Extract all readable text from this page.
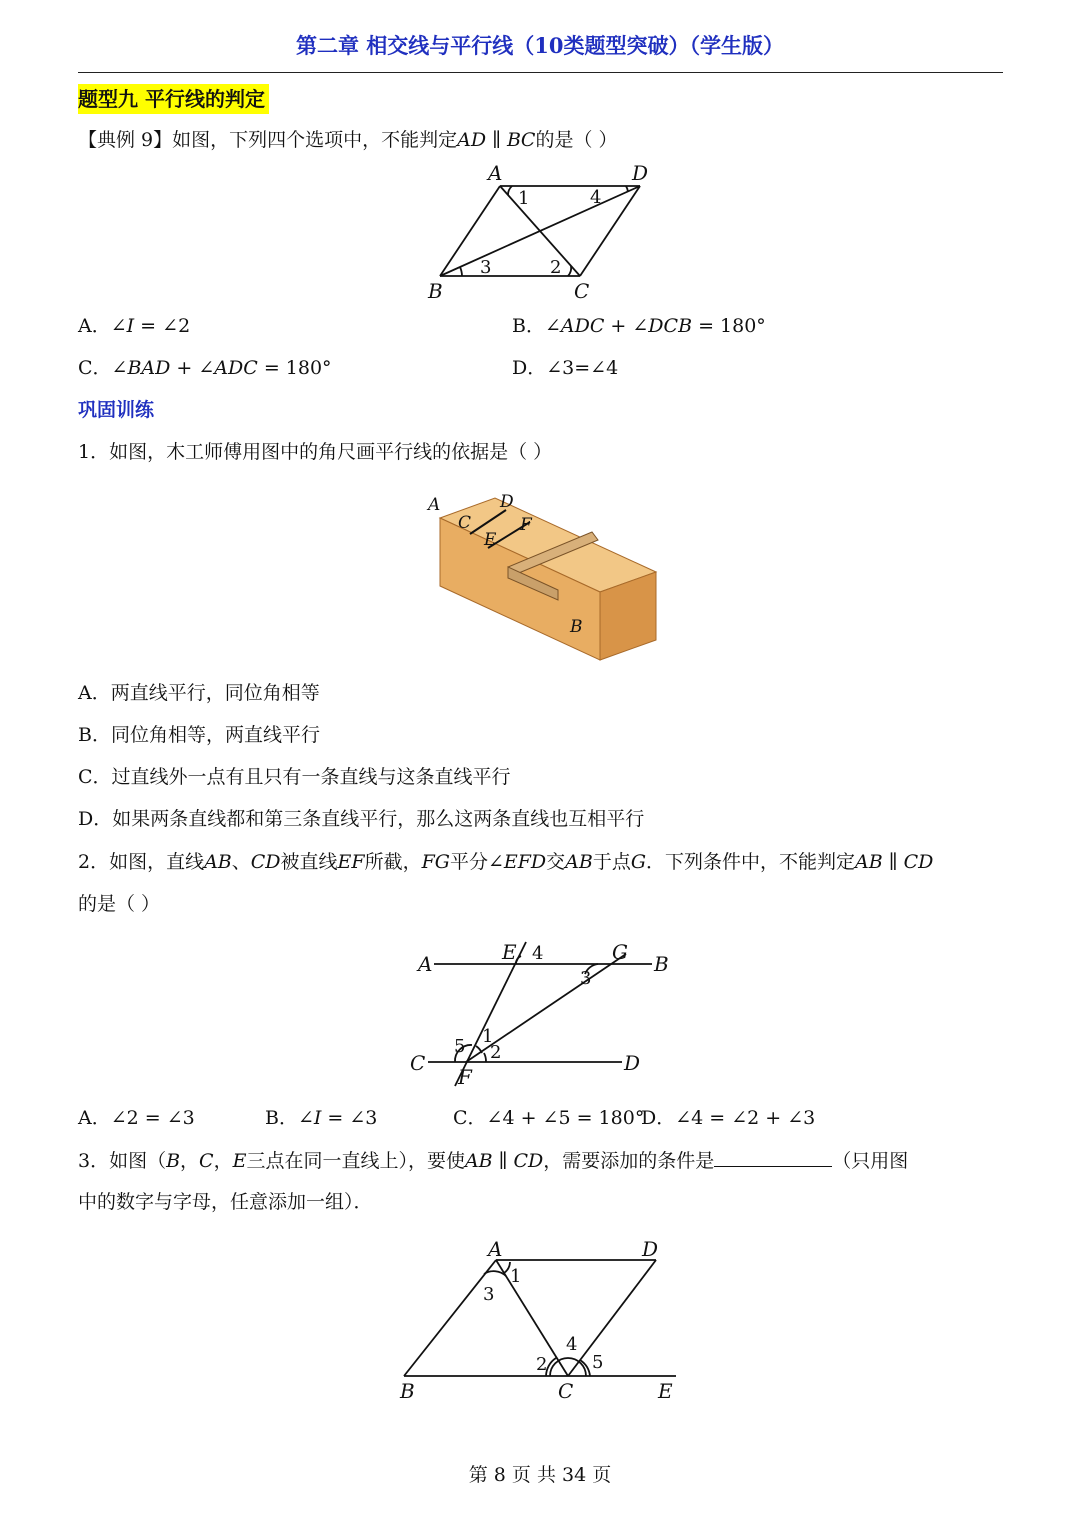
第二章 相交线与平行线（10类题型突破）（学生版）
题型九 平行线的判定
【典例 9】如图，下列四个选项中，不能判定𝐴𝐷 ∥ 𝐵𝐶的是（ ）
A	D
B	C
1	4
3	2
A．∠𝐼 = ∠2	B．∠𝐴𝐷𝐶 + ∠𝐷𝐶𝐵 = 180°
C．∠𝐵𝐴𝐷 + ∠𝐴𝐷𝐶 = 180°	D．∠3=∠4
巩固训练
1．如图，木工师傅用图中的角尺画平行线的依据是（ ）
A	D
C	F
E
B
A．两直线平行，同位角相等
B．同位角相等，两直线平行
C．过直线外一点有且只有一条直线与这条直线平行
D．如果两条直线都和第三条直线平行，那么这两条直线也互相平行
2．如图，直线𝐴𝐵、𝐶𝐷被直线𝐸𝐹所截，𝐹𝐺平分∠𝐸𝐹𝐷交𝐴𝐵于点𝐺．下列条件中，不能判定𝐴𝐵 ∥ 𝐶𝐷
的是（ ）
A	B
C	D
E	G
F
4
3
1
2
5
A．∠2 = ∠3	B．∠𝐼 = ∠3	C．∠4 + ∠5 = 180°
D．∠4 = ∠2 + ∠3
3．如图（𝐵，𝐶，𝐸三点在同一直线上），要使𝐴𝐵 ∥ 𝐶𝐷，需要添加的条件是	（只用图
中的数字与字母，任意添加一组）．
A	D
B	C	E
1
3
4
2 5
第 8 页 共 34 页
